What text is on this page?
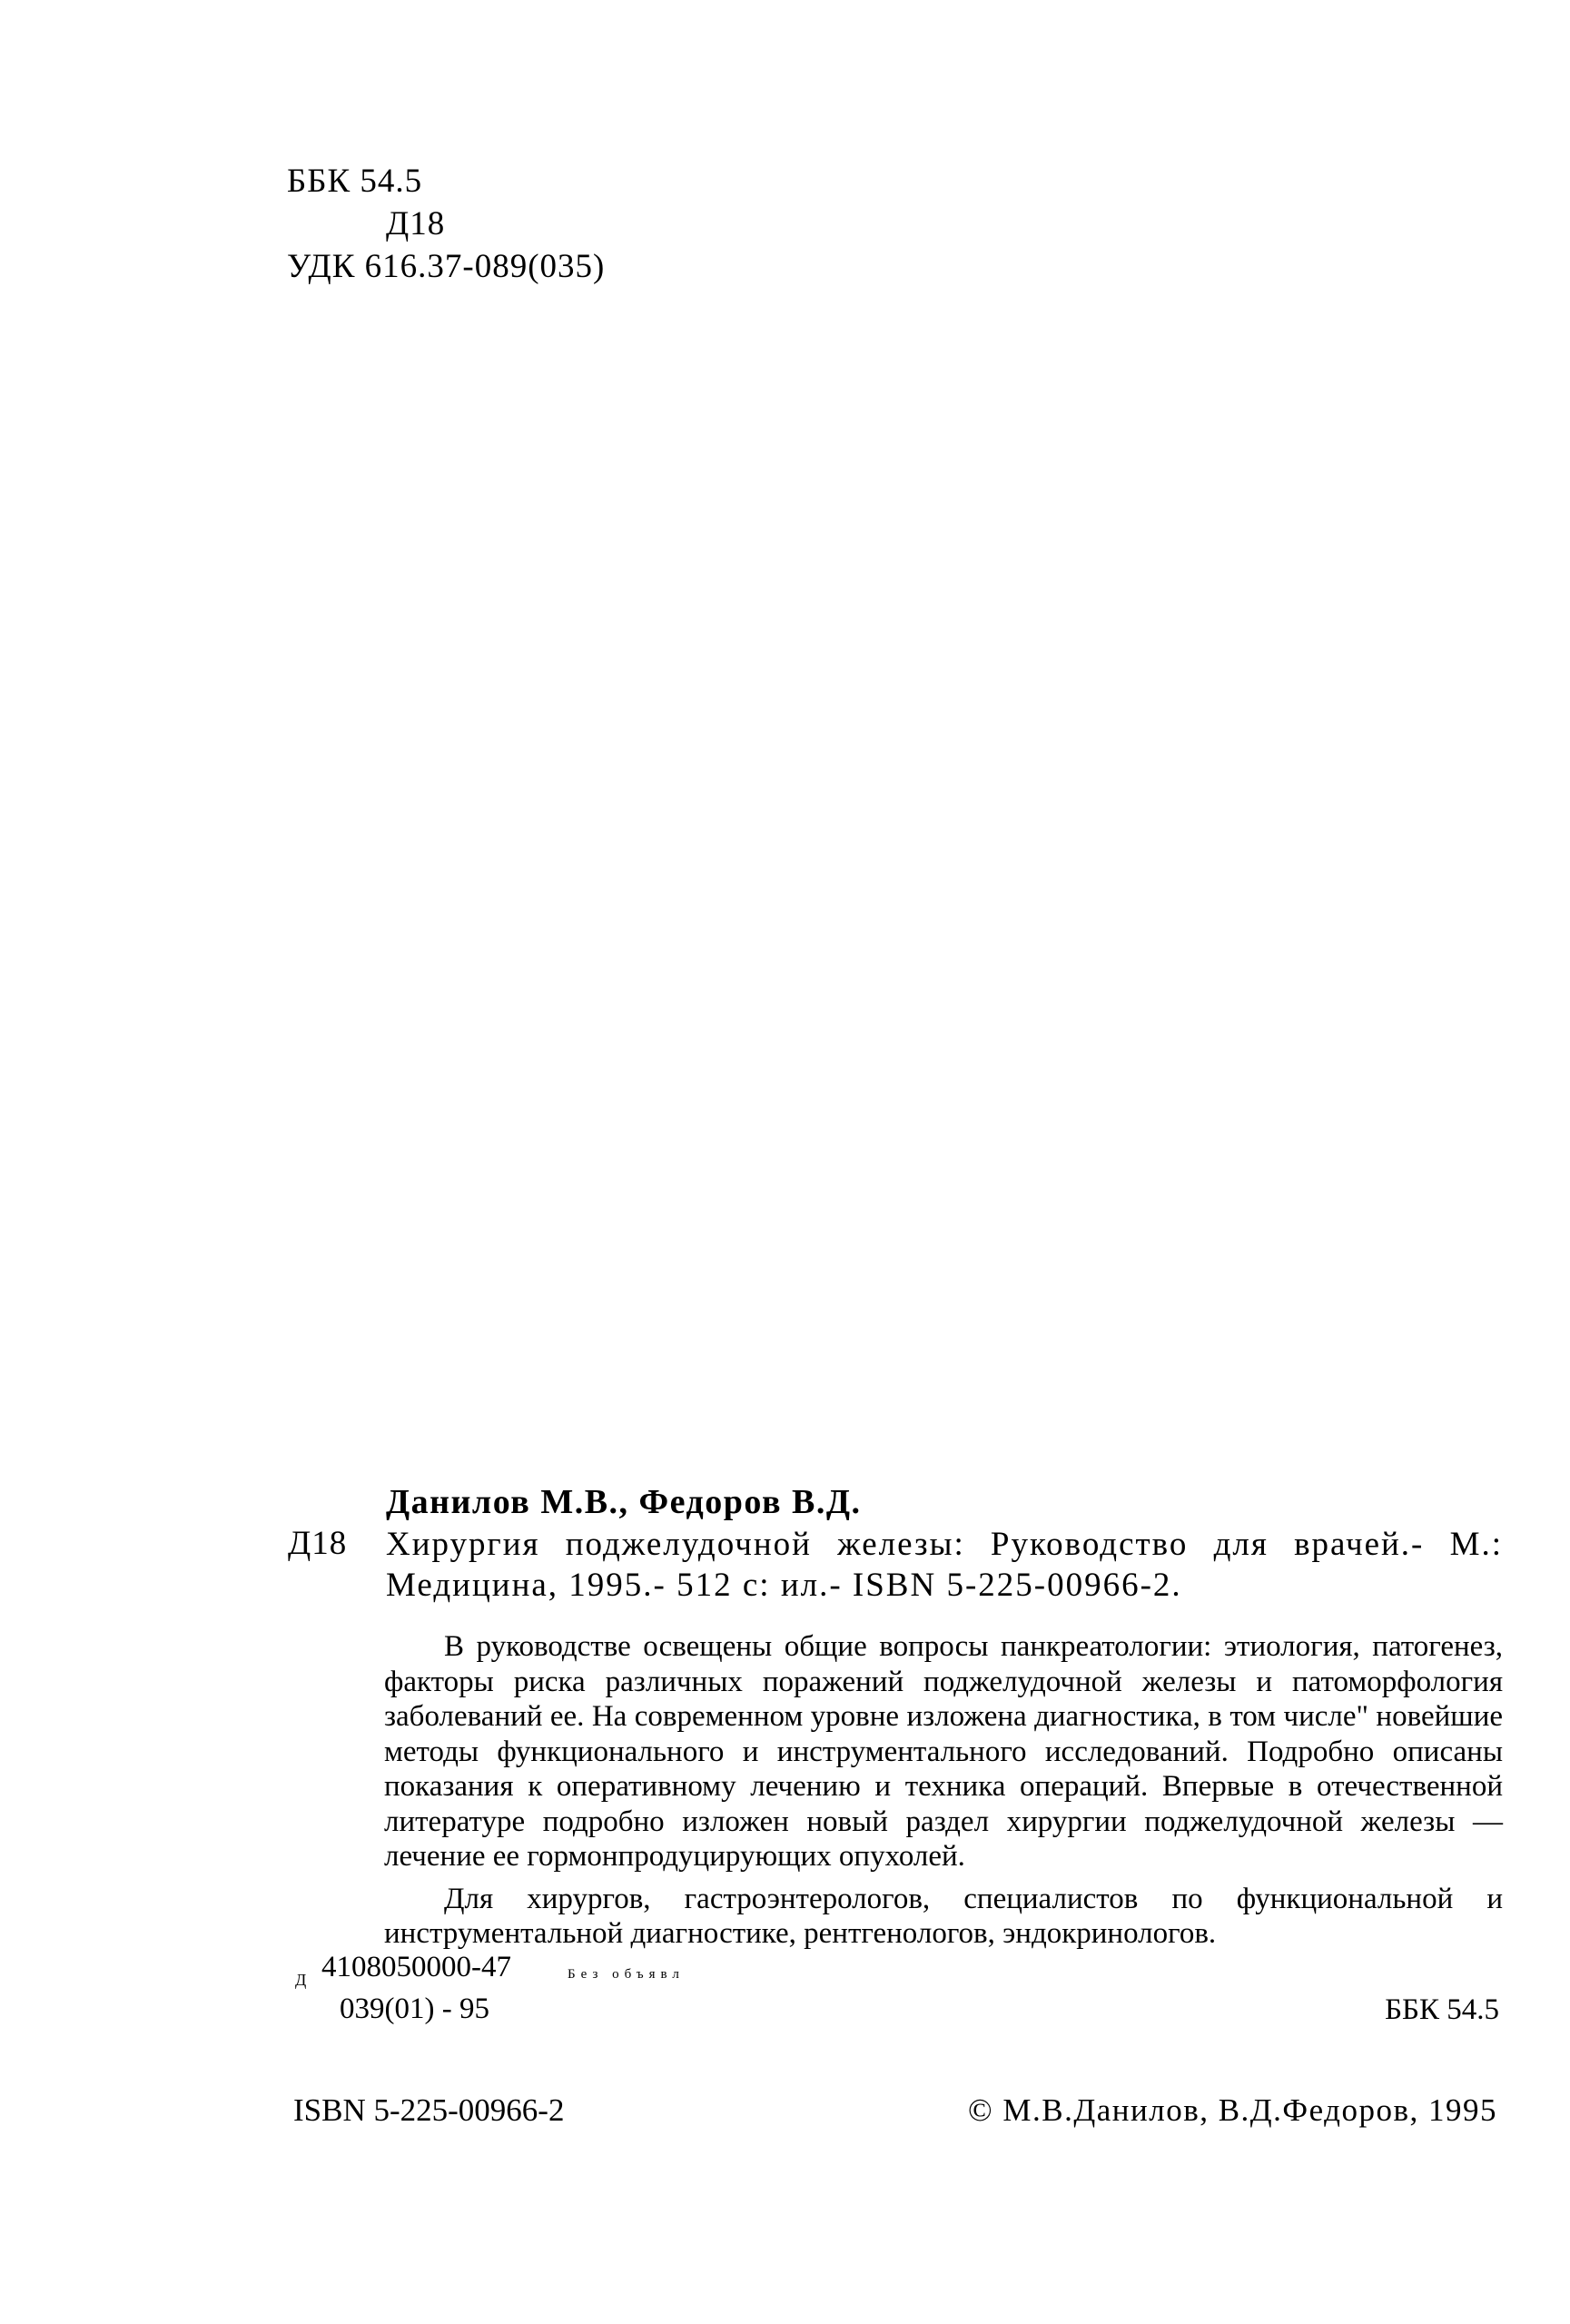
ББК 54.5
Д18
УДК 616.37-089(035)
Данилов М.В., Федоров В.Д.
Д18 Хирургия поджелудочной железы: Руководство для врачей.- М.: Медицина, 1995.- 512 с: ил.- ISBN 5-225-00966-2.

В руководстве освещены общие вопросы панкреатологии: этиология, патогенез, факторы риска различных поражений поджелудочной железы и патоморфология заболеваний ее. На современном уровне изложена диагностика, в том числе" новейшие методы функционального и инструментального исследований. Подробно описаны показания к оперативному лечению и техника операций. Впервые в отечественной литературе подробно изложен новый раздел хирургии поджелудочной железы — лечение ее гормонпродуцирующих опухолей.

Для хирургов, гастроэнтерологов, специалистов по функциональной и инструментальной диагностике, рентгенологов, эндокринологов.

Д 4108050000-47
039(01) - 95
Без объявл
ББК 54.5
ISBN 5-225-00966-2	© М.В.Данилов, В.Д.Федоров, 1995
